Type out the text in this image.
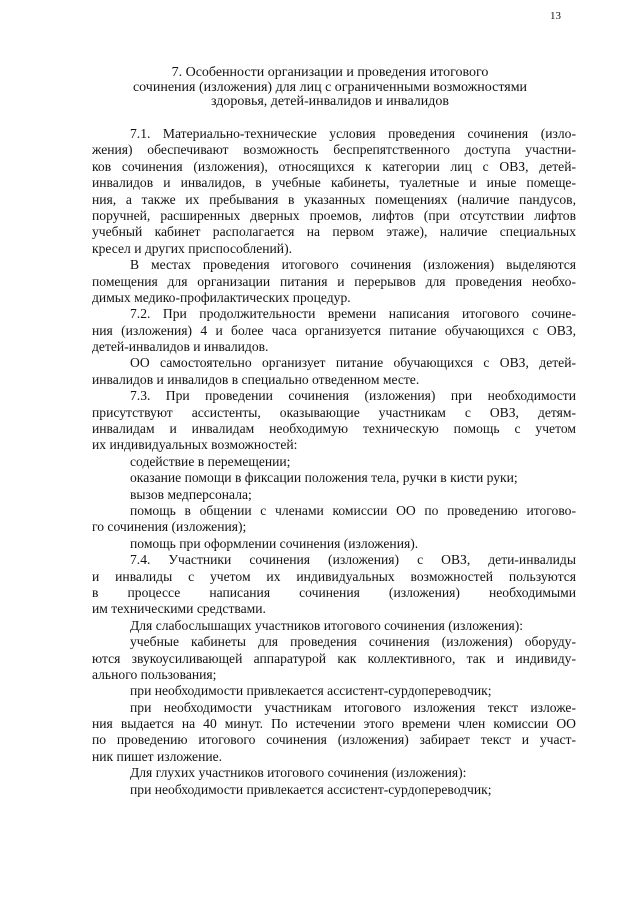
13
7. Особенности организации и проведения итогового
сочинения (изложения) для лиц с ограниченными возможностями
здоровья, детей-инвалидов и инвалидов
7.1. Материально-технические условия проведения сочинения (изло-
жения) обеспечивают возможность беспрепятственного доступа участни-
ков сочинения (изложения), относящихся к категории лиц с ОВЗ, детей-
инвалидов и инвалидов, в учебные кабинеты, туалетные и иные помеще-
ния, а также их пребывания в указанных помещениях (наличие пандусов,
поручней, расширенных дверных проемов, лифтов (при отсутствии лифтов
учебный кабинет располагается на первом этаже), наличие специальных
кресел и других приспособлений).
В местах проведения итогового сочинения (изложения) выделяются
помещения для организации питания и перерывов для проведения необхо-
димых медико-профилактических процедур.
7.2. При продолжительности времени написания итогового сочине-
ния (изложения) 4 и более часа организуется питание обучающихся с ОВЗ,
детей-инвалидов и инвалидов.
ОО самостоятельно организует питание обучающихся с ОВЗ, детей-
инвалидов и инвалидов в специально отведенном месте.
7.3. При проведении сочинения (изложения) при необходимости
присутствуют ассистенты, оказывающие участникам с ОВЗ, детям-
инвалидам и инвалидам необходимую техническую помощь с учетом
их индивидуальных возможностей:
содействие в перемещении;
оказание помощи в фиксации положения тела, ручки в кисти руки;
вызов медперсонала;
помощь в общении с членами комиссии ОО по проведению итогово-
го сочинения (изложения);
помощь при оформлении сочинения (изложения).
7.4. Участники сочинения (изложения) с ОВЗ, дети-инвалиды
и инвалиды с учетом их индивидуальных возможностей пользуются
в процессе написания сочинения (изложения) необходимыми
им техническими средствами.
Для слабослышащих участников итогового сочинения (изложения):
учебные кабинеты для проведения сочинения (изложения) оборуду-
ются звукоусиливающей аппаратурой как коллективного, так и индивиду-
ального пользования;
при необходимости привлекается ассистент-сурдопереводчик;
при необходимости участникам итогового изложения текст изложе-
ния выдается на 40 минут. По истечении этого времени член комиссии ОО
по проведению итогового сочинения (изложения) забирает текст и участ-
ник пишет изложение.
Для глухих участников итогового сочинения (изложения):
при необходимости привлекается ассистент-сурдопереводчик;
